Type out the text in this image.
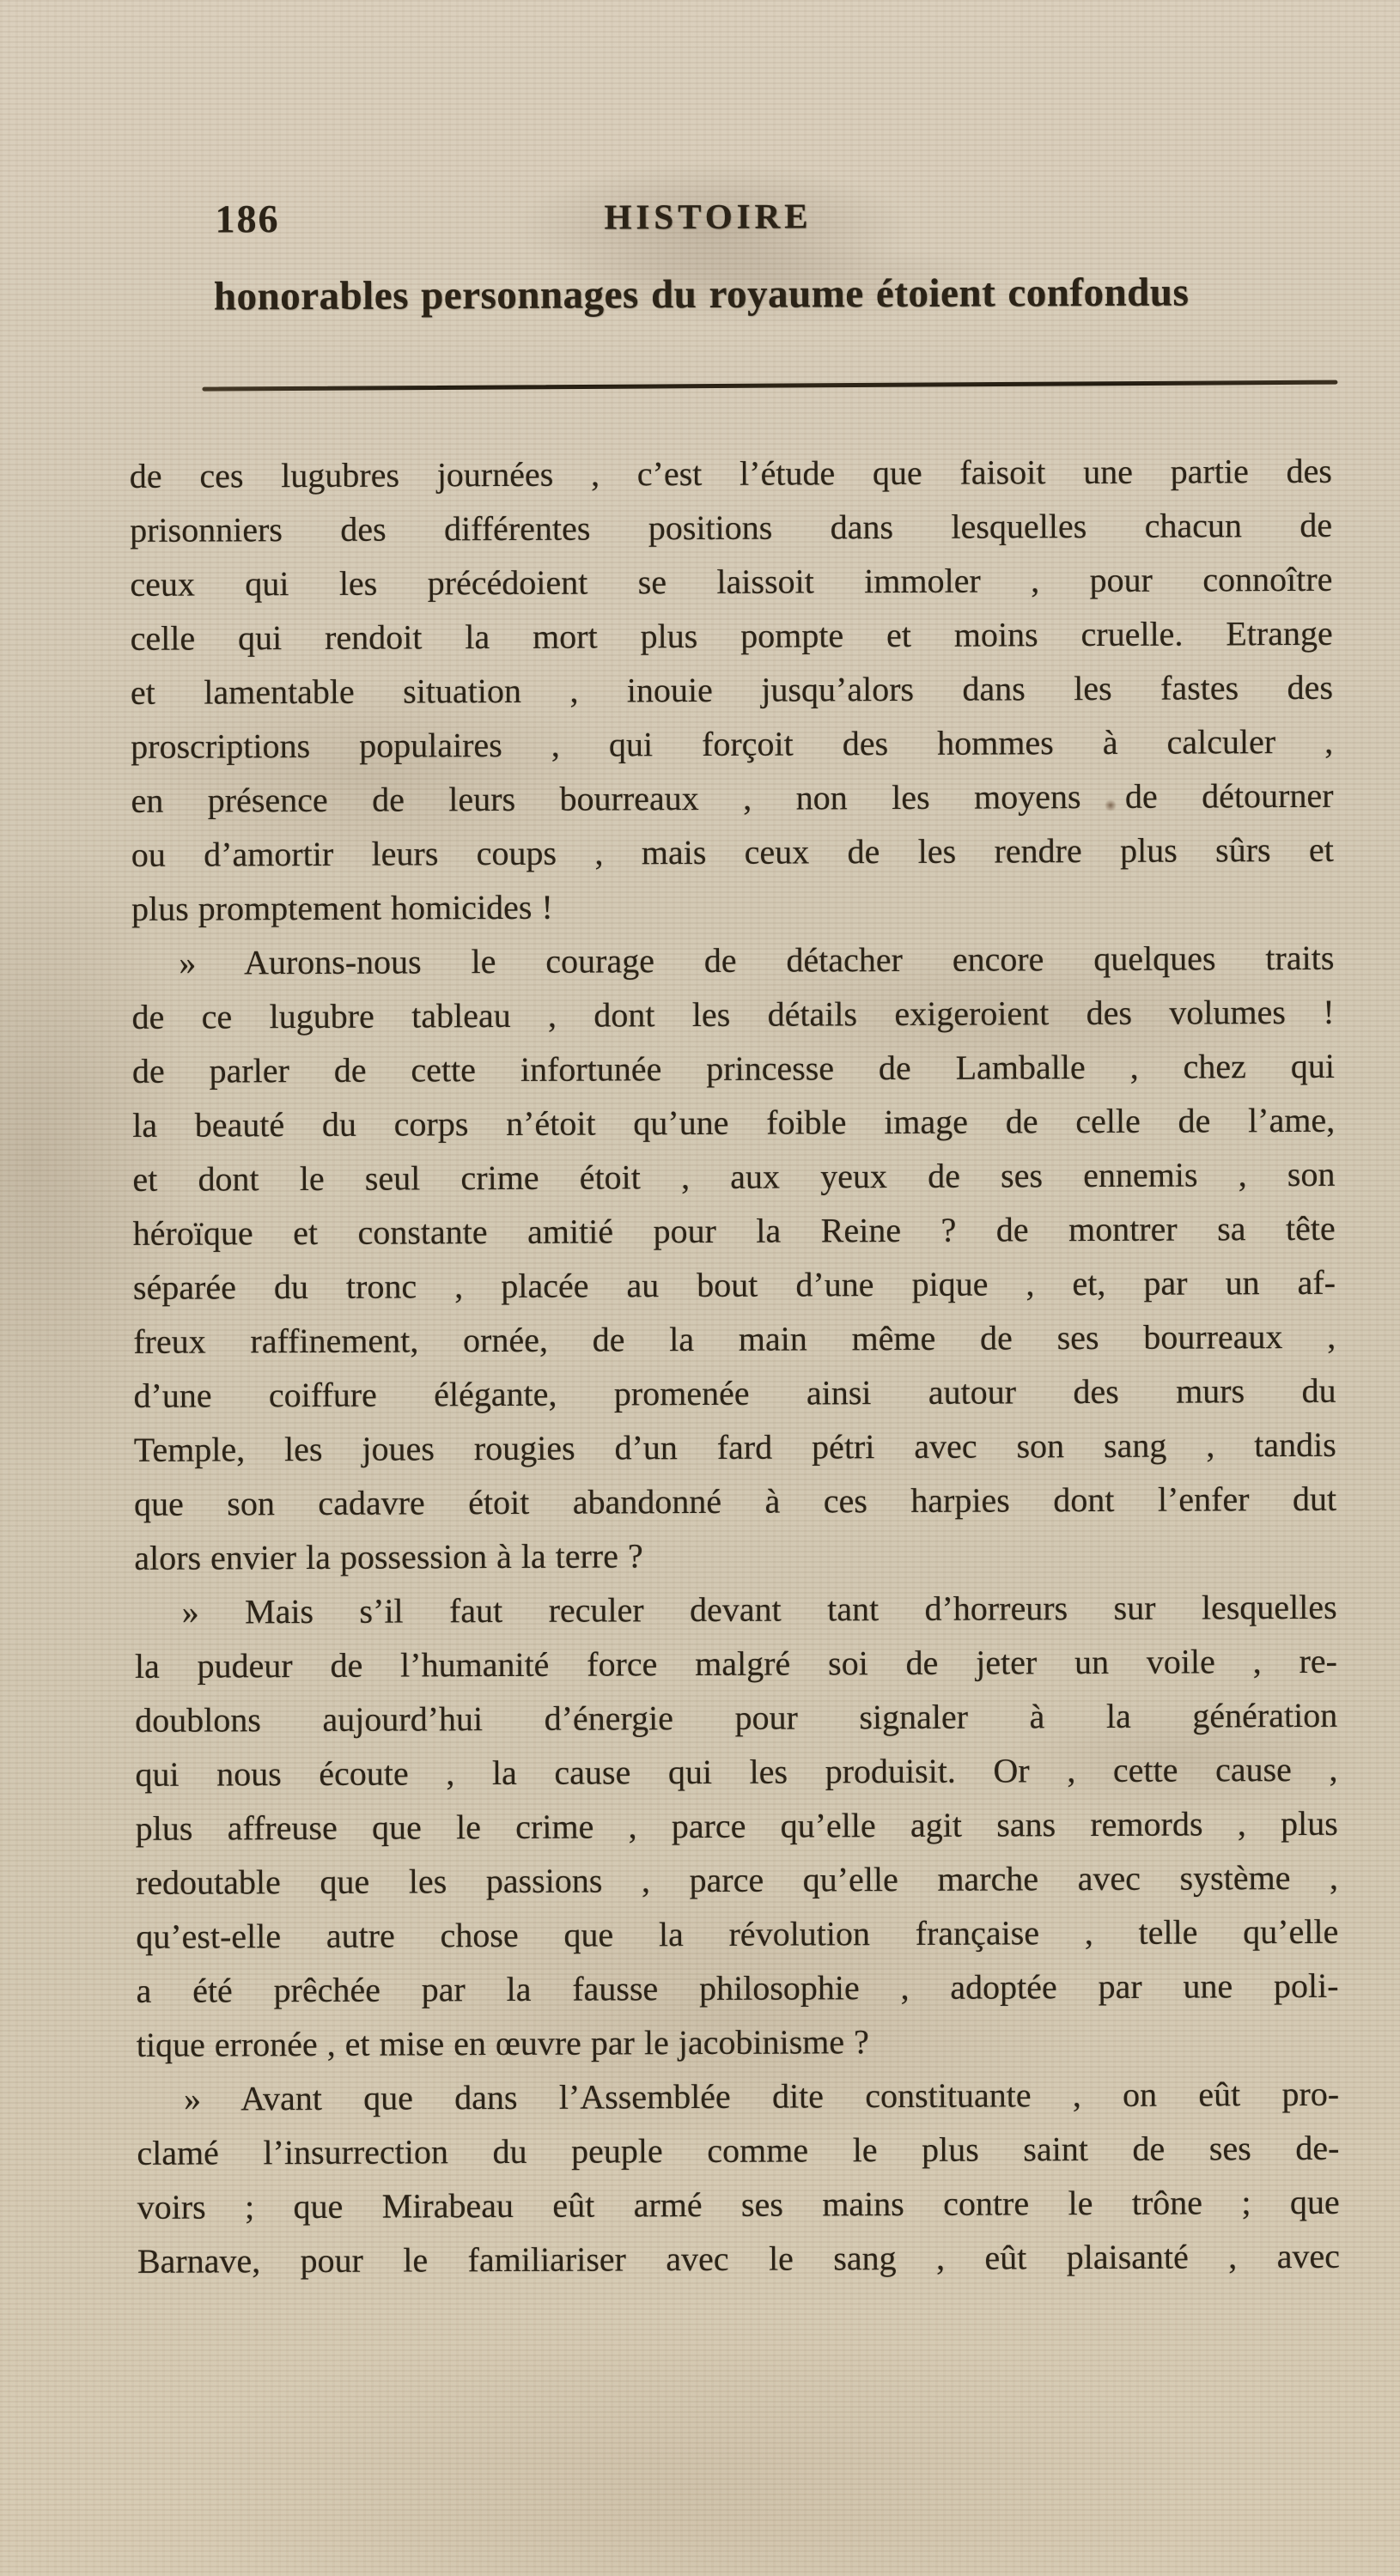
186	HISTOIRE
honorables personnages du royaume étoient confondus
de ces lugubres journées , c’est l’étude que faisoit une partie des
prisonniers des différentes positions dans lesquelles chacun de
ceux qui les précédoient se laissoit immoler , pour connoître
celle qui rendoit la mort plus pompte et moins cruelle. Etrange
et lamentable situation , inouie jusqu’alors dans les fastes des
proscriptions populaires , qui forçoit des hommes à calculer ,
en présence de leurs bourreaux , non les moyens de détourner
ou d’amortir leurs coups , mais ceux de les rendre plus sûrs et
plus promptement homicides !
» Aurons-nous le courage de détacher encore quelques traits
de ce lugubre tableau , dont les détails exigeroient des volumes !
de parler de cette infortunée princesse de Lamballe , chez qui
la beauté du corps n’étoit qu’une foible image de celle de l’ame,
et dont le seul crime étoit , aux yeux de ses ennemis , son
héroïque et constante amitié pour la Reine ? de montrer sa tête
séparée du tronc , placée au bout d’une pique , et, par un af-
freux raffinement, ornée, de la main même de ses bourreaux ,
d’une coiffure élégante, promenée ainsi autour des murs du
Temple, les joues rougies d’un fard pétri avec son sang , tandis
que son cadavre étoit abandonné à ces harpies dont l’enfer dut
alors envier la possession à la terre ?
» Mais s’il faut reculer devant tant d’horreurs sur lesquelles
la pudeur de l’humanité force malgré soi de jeter un voile , re-
doublons aujourd’hui d’énergie pour signaler à la génération
qui nous écoute , la cause qui les produisit. Or , cette cause ,
plus affreuse que le crime , parce qu’elle agit sans remords , plus
redoutable que les passions , parce qu’elle marche avec système ,
qu’est-elle autre chose que la révolution française , telle qu’elle
a été prêchée par la fausse philosophie , adoptée par une poli-
tique erronée , et mise en œuvre par le jacobinisme ?
» Avant que dans l’Assemblée dite constituante , on eût pro-
clamé l’insurrection du peuple comme le plus saint de ses de-
voirs ; que Mirabeau eût armé ses mains contre le trône ; que
Barnave, pour le familiariser avec le sang , eût plaisanté , avec
